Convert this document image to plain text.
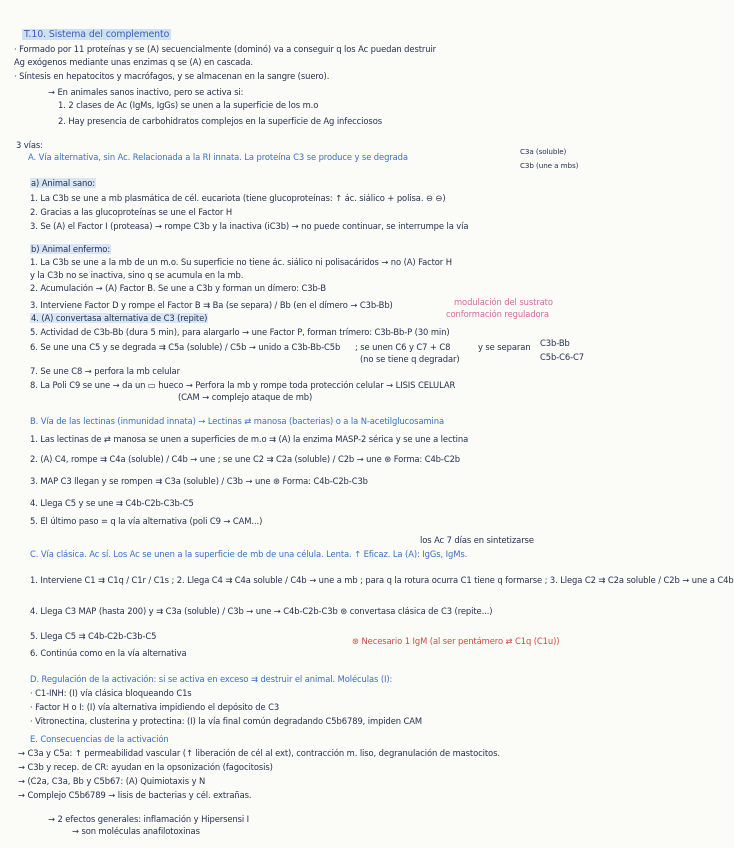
T.10. Sistema del complemento
· Formado por 11 proteínas y se (A) secuencialmente (dominó) va a conseguir q los Ac puedan destruir
Ag exógenos mediante unas enzimas q se (A) en cascada.
· Síntesis en hepatocitos y macrófagos, y se almacenan en la sangre (suero).
→ En animales sanos inactivo, pero se activa si:
1. 2 clases de Ac (IgMs, IgGs) se unen a la superficie de los m.o
2. Hay presencia de carbohidratos complejos en la superficie de Ag infecciosos
3 vías:
A. Vía alternativa, sin Ac. Relacionada a la RI innata. La proteína C3 se produce y se degrada
C3a (soluble)
C3b (une a mbs)
a) Animal sano:
1. La C3b se une a mb plasmática de cél. eucariota (tiene glucoproteínas: ↑ ác. siálico + polisa. ⊖ ⊖)
2. Gracias a las glucoproteínas se une el Factor H
3. Se (A) el Factor I (proteasa) → rompe C3b y la inactiva (iC3b) → no puede continuar, se interrumpe la vía
b) Animal enfermo:
1. La C3b se une a la mb de un m.o. Su superficie no tiene ác. siálico ni polisacáridos → no (A) Factor H
y la C3b no se inactiva, sino q se acumula en la mb.
2. Acumulación → (A) Factor B. Se une a C3b y forman un dímero: C3b-B
3. Interviene Factor D y rompe el Factor B ⇉ Ba (se separa) / Bb (en el dímero → C3b-Bb)
4. (A) convertasa alternativa de C3 (repite)
5. Actividad de C3b-Bb (dura 5 min), para alargarlo → une Factor P, forman trímero: C3b-Bb-P (30 min)
6. Se une una C5 y se degrada ⇉ C5a (soluble) / C5b → unido a C3b-Bb-C5b
7. Se une C8 → perfora la mb celular
8. La Poli C9 se une → da un ▭ hueco → Perfora la mb y rompe toda protección celular → LISIS CELULAR
(CAM → complejo ataque de mb)
modulación del sustrato
conformación reguladora
; se unen C6 y C7 + C8
(no se tiene q degradar)
y se separan C3b-Bb
C5b-C6-C7
B. Vía de las lectinas (inmunidad innata) → Lectinas ⇄ manosa (bacterias) o a la N-acetilglucosamina
1. Las lectinas de ⇄ manosa se unen a superficies de m.o ⇉ (A) la enzima MASP-2 sérica y se une a lectina
2. (A) C4, rompe ⇉ C4a (soluble) / C4b → une ; se une C2 ⇉ C2a (soluble) / C2b → une ⊛ Forma: C4b-C2b
3. MAP C3 llegan y se rompen ⇉ C3a (soluble) / C3b → une ⊛ Forma: C4b-C2b-C3b
4. Llega C5 y se une ⇉ C4b-C2b-C3b-C5
5. El último paso = q la vía alternativa (poli C9 → CAM...)
los Ac 7 días en sintetizarse
C. Vía clásica. Ac sí. Los Ac se unen a la superficie de mb de una célula. Lenta. ↑ Eficaz. La (A): IgGs, IgMs.
1. Interviene C1 ⇉ C1q / C1r / C1s ; 2. Llega C4 ⇉ C4a soluble / C4b → une a mb ; para q la rotura ocurra C1 tiene q formarse ; 3. Llega C2 ⇉ C2a soluble / C2b → une a C4b
4. Llega C3 MAP (hasta 200) y ⇉ C3a (soluble) / C3b → une → C4b-C2b-C3b ⊛ convertasa clásica de C3 (repite...)
5. Llega C5 ⇉ C4b-C2b-C3b-C5
6. Continúa como en la vía alternativa
⊛ Necesario 1 IgM (al ser pentámero ⇄ C1q (C1u))
D. Regulación de la activación: si se activa en exceso ⇉ destruir el animal. Moléculas (I):
· C1-INH: (I) vía clásica bloqueando C1s
· Factor H o I: (I) vía alternativa impidiendo el depósito de C3
· Vitronectina, clusterina y protectina: (I) la vía final común degradando C5b6789, impiden CAM
E. Consecuencias de la activación
→ C3a y C5a: ↑ permeabilidad vascular (↑ liberación de cél al ext), contracción m. liso, degranulación de mastocitos.
→ C3b y recep. de CR: ayudan en la opsonización (fagocitosis)
→ (C2a, C3a, Bb y C5b67: (A) Quimiotaxis y N
→ Complejo C5b6789 → lisis de bacterias y cél. extrañas.
→ 2 efectos generales: inflamación y Hipersensi I
→ son moléculas anafilotoxinas
